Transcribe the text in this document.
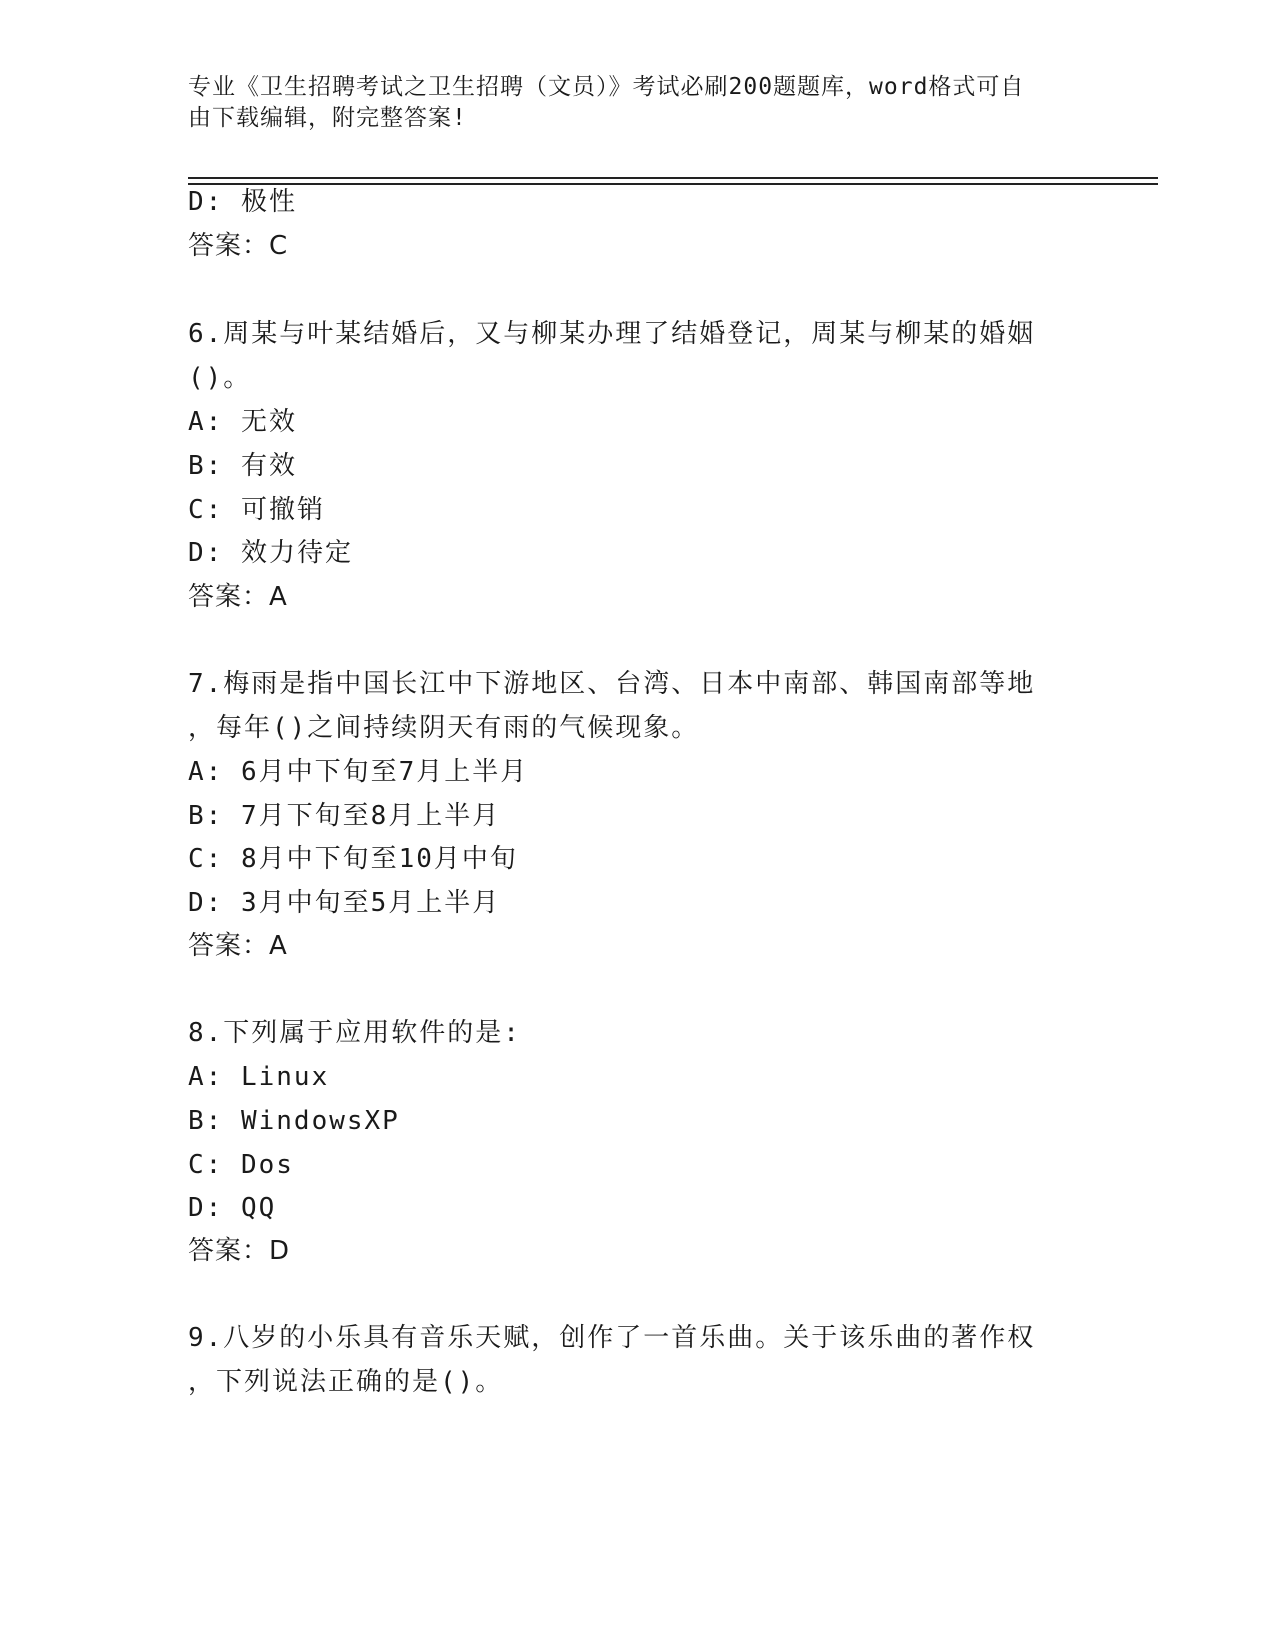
专业《卫生招聘考试之卫生招聘（文员）》考试必刷200题题库，word格式可自
由下载编辑，附完整答案!
D: 极性
答案：C
6.周某与叶某结婚后，又与柳某办理了结婚登记，周某与柳某的婚姻
()。
A: 无效
B: 有效
C: 可撤销
D: 效力待定
答案：A
7.梅雨是指中国长江中下游地区、台湾、日本中南部、韩国南部等地
，每年()之间持续阴天有雨的气候现象。
A: 6月中下旬至7月上半月
B: 7月下旬至8月上半月
C: 8月中下旬至10月中旬
D: 3月中旬至5月上半月
答案：A
8.下列属于应用软件的是:
A: Linux
B: WindowsXP
C: Dos
D: QQ
答案：D
9.八岁的小乐具有音乐天赋，创作了一首乐曲。关于该乐曲的著作权
，下列说法正确的是()。
